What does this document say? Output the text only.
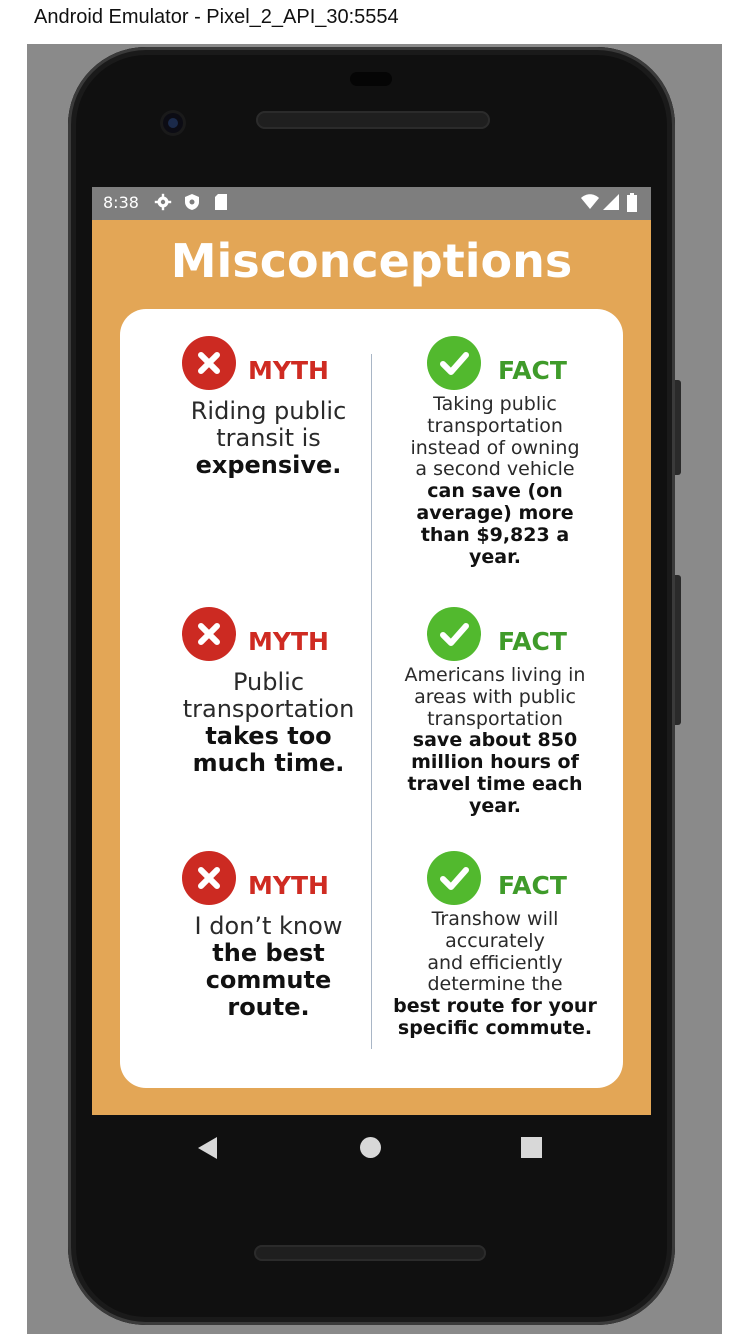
Android Emulator - Pixel_2_API_30:5554
8:38
Misconceptions
MYTH
Riding public
transit is
expensive.
FACT
Taking public
transportation
instead of owning
a second vehicle
can save (on
average) more
than $9,823 a
year.
MYTH
Public
transportation
takes too
much time.
FACT
Americans living in
areas with public
transportation
save about 850
million hours of
travel time each
year.
MYTH
I don’t know
the best
commute
route.
FACT
Transhow will
accurately
and efficiently
determine the
best route for your
specific commute.
